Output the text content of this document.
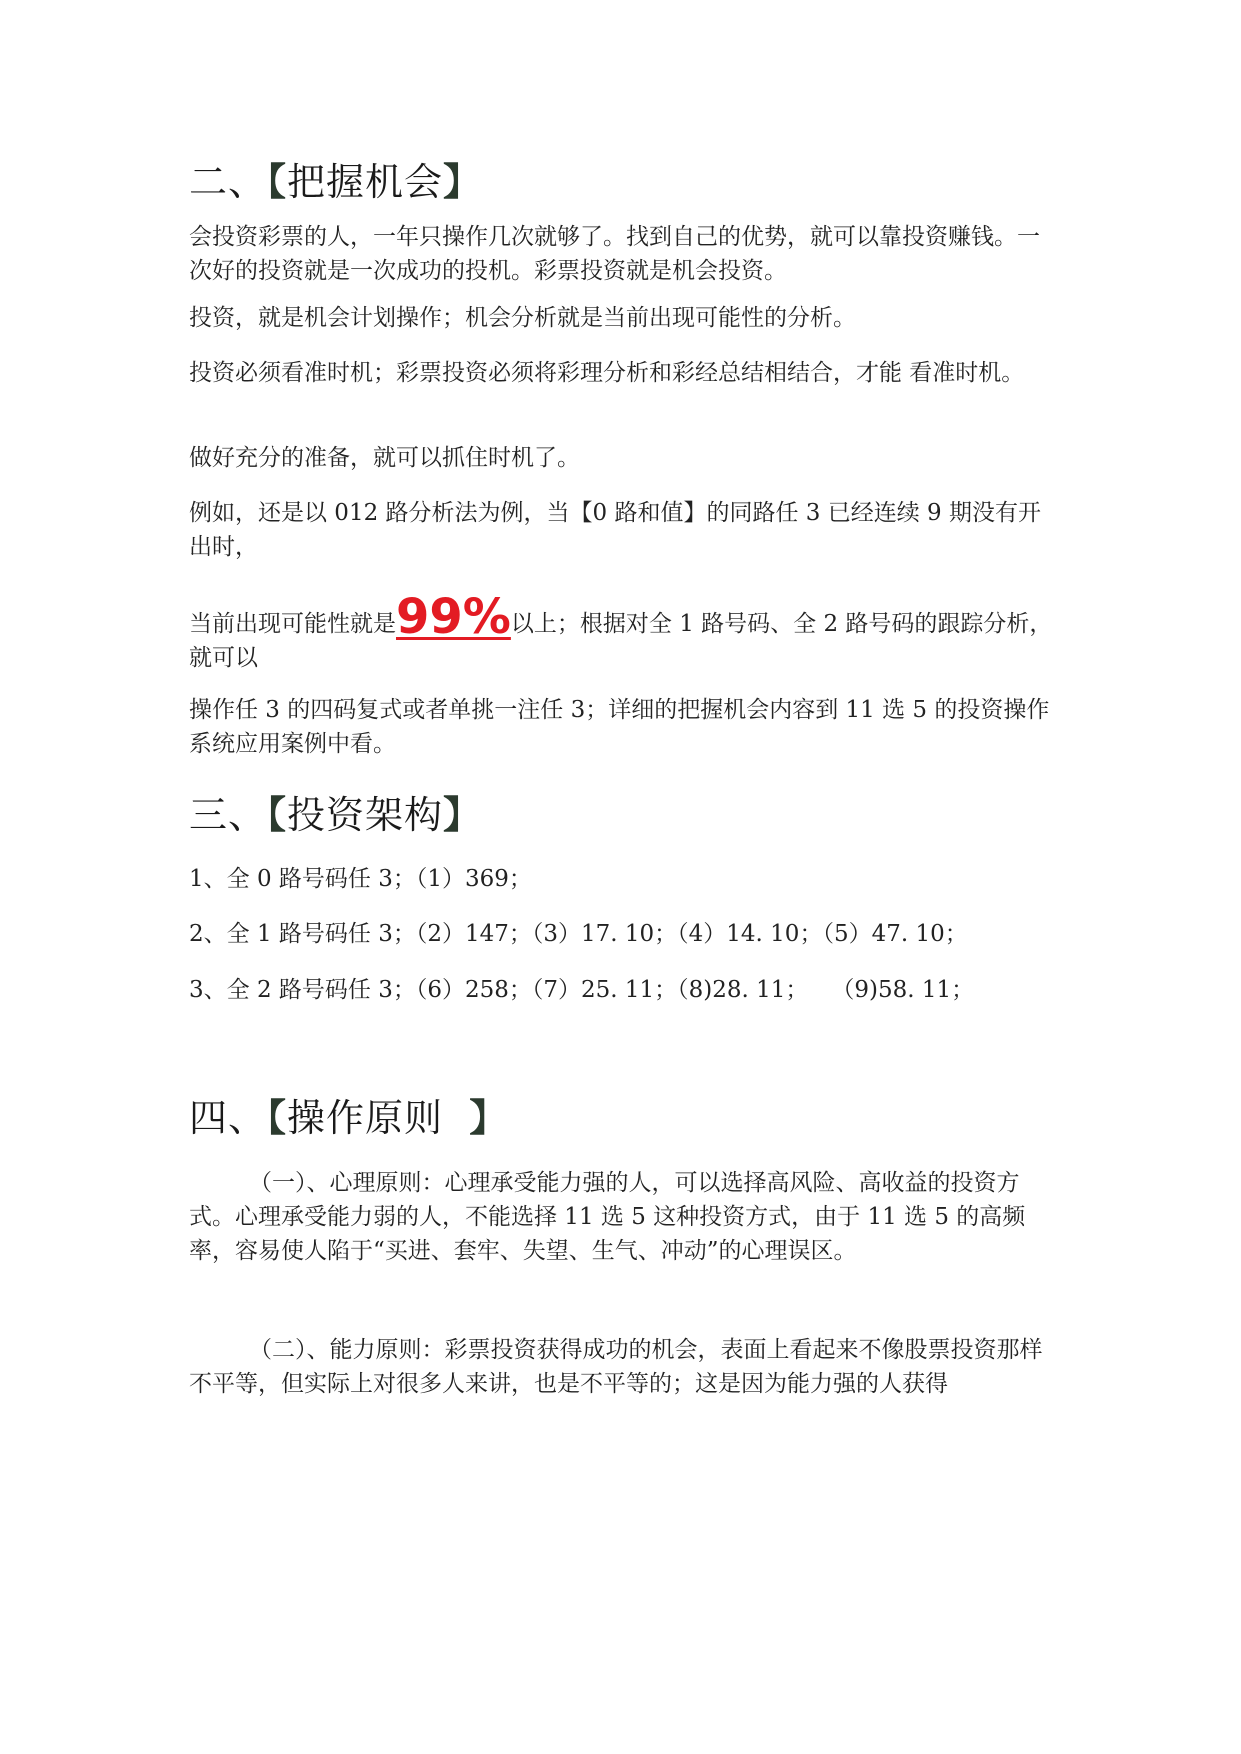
二、【把握机会】
会投资彩票的人，一年只操作几次就够了。找到自己的优势，就可以靠投资赚钱。一次好的投资就是一次成功的投机。彩票投资就是机会投资。
投资，就是机会计划操作；机会分析就是当前出现可能性的分析。
投资必须看准时机；彩票投资必须将彩理分析和彩经总结相结合，才能 看准时机。
做好充分的准备，就可以抓住时机了。
例如，还是以 012 路分析法为例，当【0 路和值】的同路任 3 已经连续 9 期没有开出时，
当前出现可能性就是99%以上；根据对全 1 路号码、全 2 路号码的跟踪分析，就可以
操作任 3 的四码复式或者单挑一注任 3；详细的把握机会内容到 11 选 5 的投资操作系统应用案例中看。
三、【投资架构】
1、全 0 路号码任 3；（1）369；
2、全 1 路号码任 3；（2）147；（3）17. 10；（4）14. 10；（5）47. 10；
3、全 2 路号码任 3；（6）258；（7）25. 11；（8)28. 11；　　（9)58. 11；
四、【操作原则  】
（一）、心理原则：心理承受能力强的人，可以选择高风险、高收益的投资方式。心理承受能力弱的人，不能选择 11 选 5 这种投资方式，由于 11 选 5 的高频率，容易使人陷于“买进、套牢、失望、生气、冲动”的心理误区。
（二）、能力原则：彩票投资获得成功的机会，表面上看起来不像股票投资那样不平等，但实际上对很多人来讲，也是不平等的；这是因为能力强的人获得
